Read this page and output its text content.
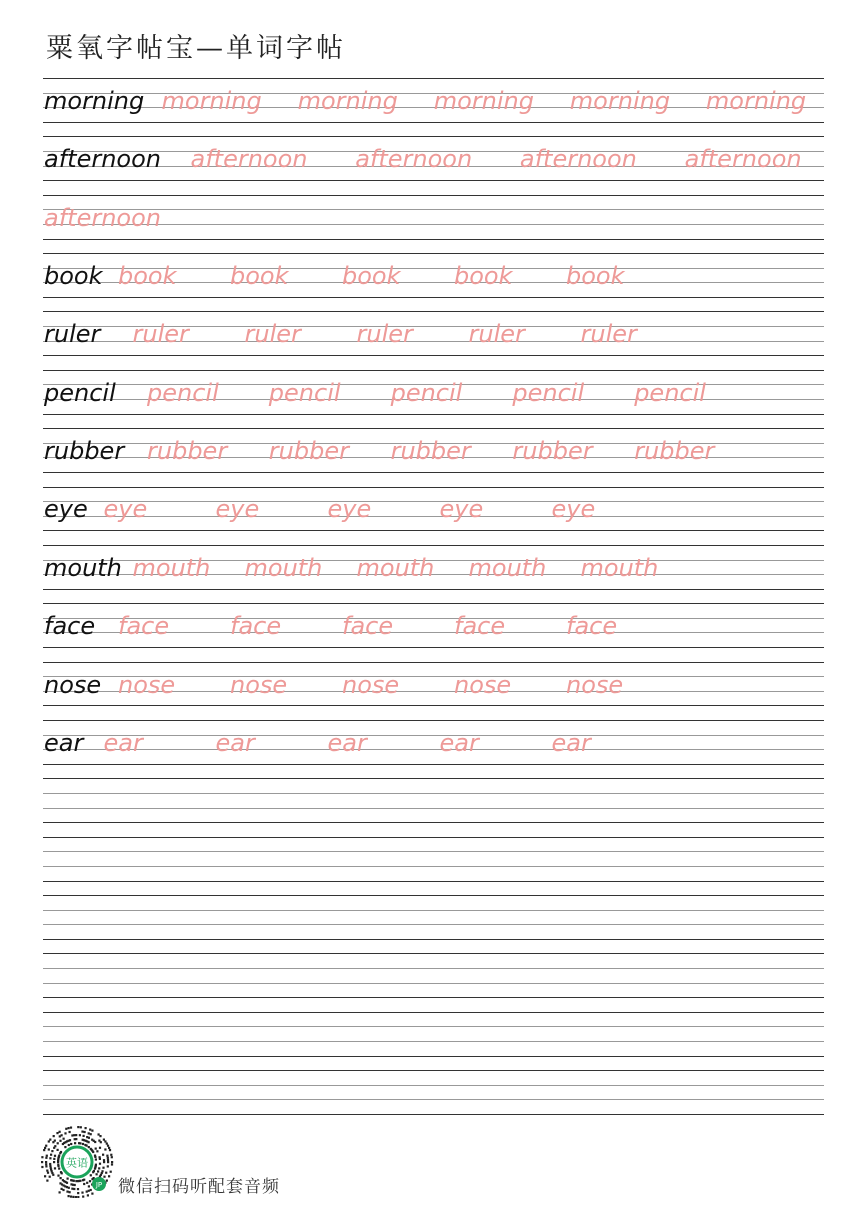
粟氧字帖宝—单词字帖
morning morning morning morning morning morning
afternoon afternoon afternoon afternoon afternoon
afternoon
book book book book book book
ruler ruler ruler ruler ruler ruler
pencil pencil pencil pencil pencil pencil
rubber rubber rubber rubber rubber rubber
eye eye	eye	eye	eye	eye
mouth mouth mouth mouth mouth mouth
face face	face	face	face	face
nose nose nose nose nose nose
ear ear	ear	ear	ear	ear
英语
JP 微信扫码听配套音频
